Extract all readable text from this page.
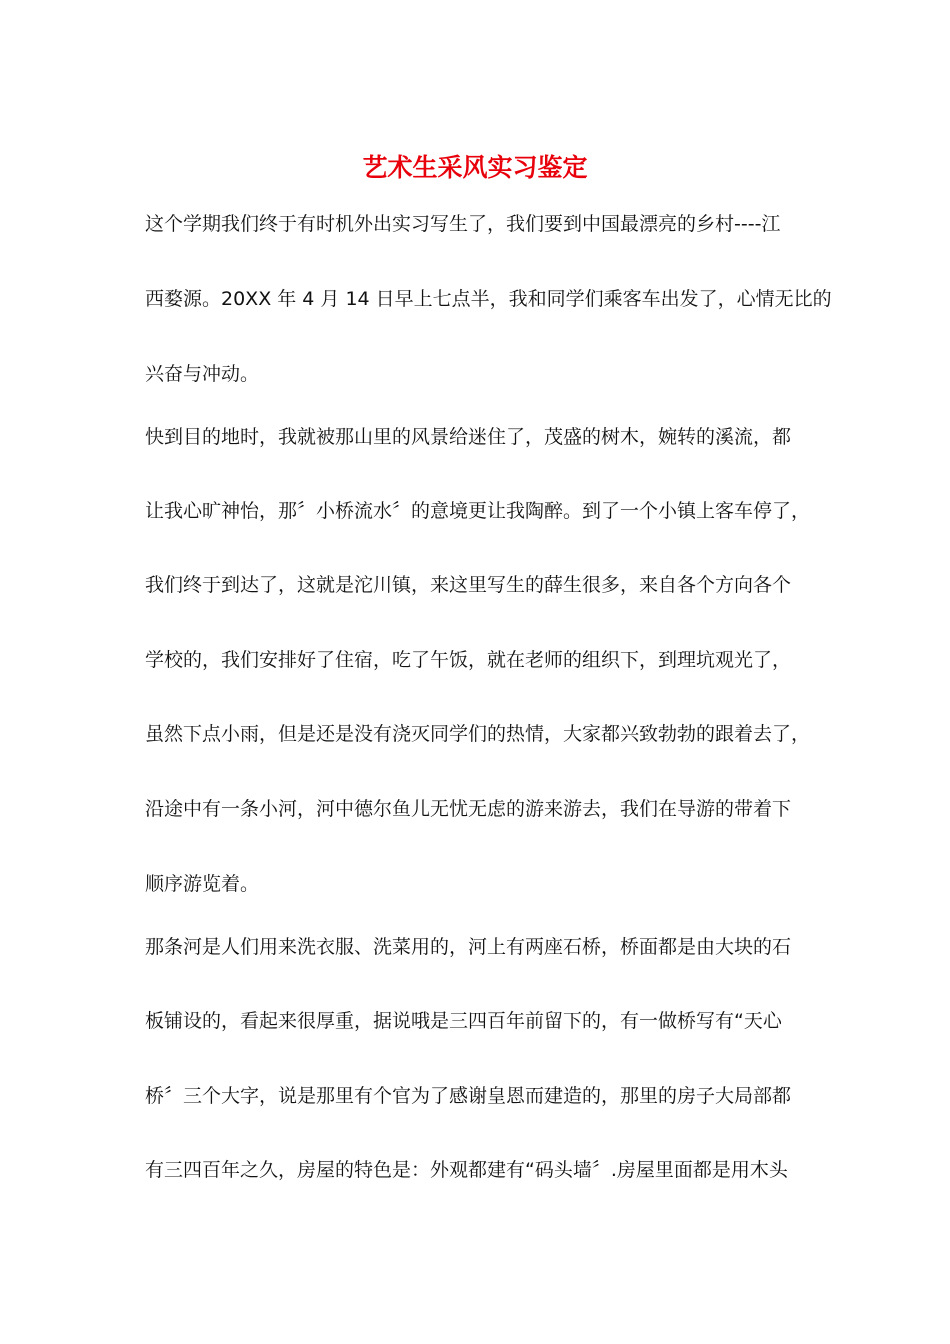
艺术生采风实习鉴定
这个学期我们终于有时机外出实习写生了，我们要到中国最漂亮的乡村----江
西婺源。20XX 年 4 月 14 日早上七点半，我和同学们乘客车出发了，心情无比的
兴奋与冲动。
快到目的地时，我就被那山里的风景给迷住了，茂盛的树木，婉转的溪流，都
让我心旷神怡，那〞小桥流水〞的意境更让我陶醉。到了一个小镇上客车停了，
我们终于到达了，这就是沱川镇，来这里写生的薛生很多，来自各个方向各个
学校的，我们安排好了住宿，吃了午饭，就在老师的组织下，到理坑观光了，
虽然下点小雨，但是还是没有浇灭同学们的热情，大家都兴致勃勃的跟着去了，
沿途中有一条小河，河中德尔鱼儿无忧无虑的游来游去，我们在导游的带着下
顺序游览着。
那条河是人们用来洗衣服、洗菜用的，河上有两座石桥，桥面都是由大块的石
板铺设的，看起来很厚重，据说哦是三四百年前留下的，有一做桥写有“天心
桥〞三个大字，说是那里有个官为了感谢皇恩而建造的，那里的房子大局部都
有三四百年之久，房屋的特色是：外观都建有“码头墙〞.房屋里面都是用木头
